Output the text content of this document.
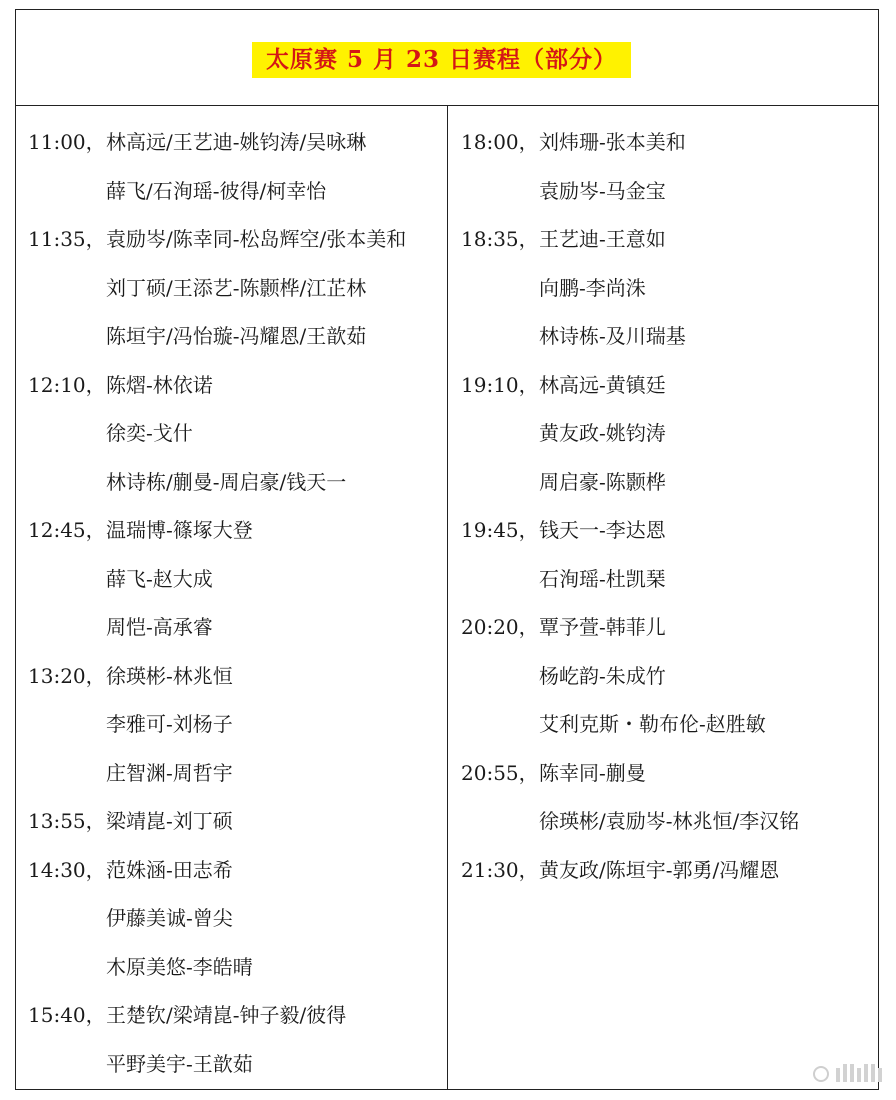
太原赛 5 月 23 日赛程（部分）
11:00， 林高远/王艺迪-姚钧涛/吴咏琳
薛飞/石洵瑶-彼得/柯幸怡
11:35， 袁励岑/陈幸同-松岛辉空/张本美和
刘丁硕/王添艺-陈颢桦/江芷林
陈垣宇/冯怡璇-冯耀恩/王歆茹
12:10， 陈熠-林依诺
徐奕-戈什
林诗栋/蒯曼-周启豪/钱天一
12:45， 温瑞博-篠塚大登
薛飞-赵大成
周恺-高承睿
13:20， 徐瑛彬-林兆恒
李雅可-刘杨子
庄智渊-周哲宇
13:55， 梁靖崑-刘丁硕
14:30， 范姝涵-田志希
伊藤美诚-曾尖
木原美悠-李皓晴
15:40， 王楚钦/梁靖崑-钟子毅/彼得
平野美宇-王歆茹
18:00， 刘炜珊-张本美和
袁励岑-马金宝
18:35， 王艺迪-王意如
向鹏-李尚洙
林诗栋-及川瑞基
19:10， 林高远-黄镇廷
黄友政-姚钧涛
周启豪-陈颢桦
19:45， 钱天一-李达恩
石洵瑶-杜凯琹
20:20， 覃予萱-韩菲儿
杨屹韵-朱成竹
艾利克斯・勒布伦-赵胜敏
20:55， 陈幸同-蒯曼
徐瑛彬/袁励岑-林兆恒/李汉铭
21:30， 黄友政/陈垣宇-郭勇/冯耀恩
